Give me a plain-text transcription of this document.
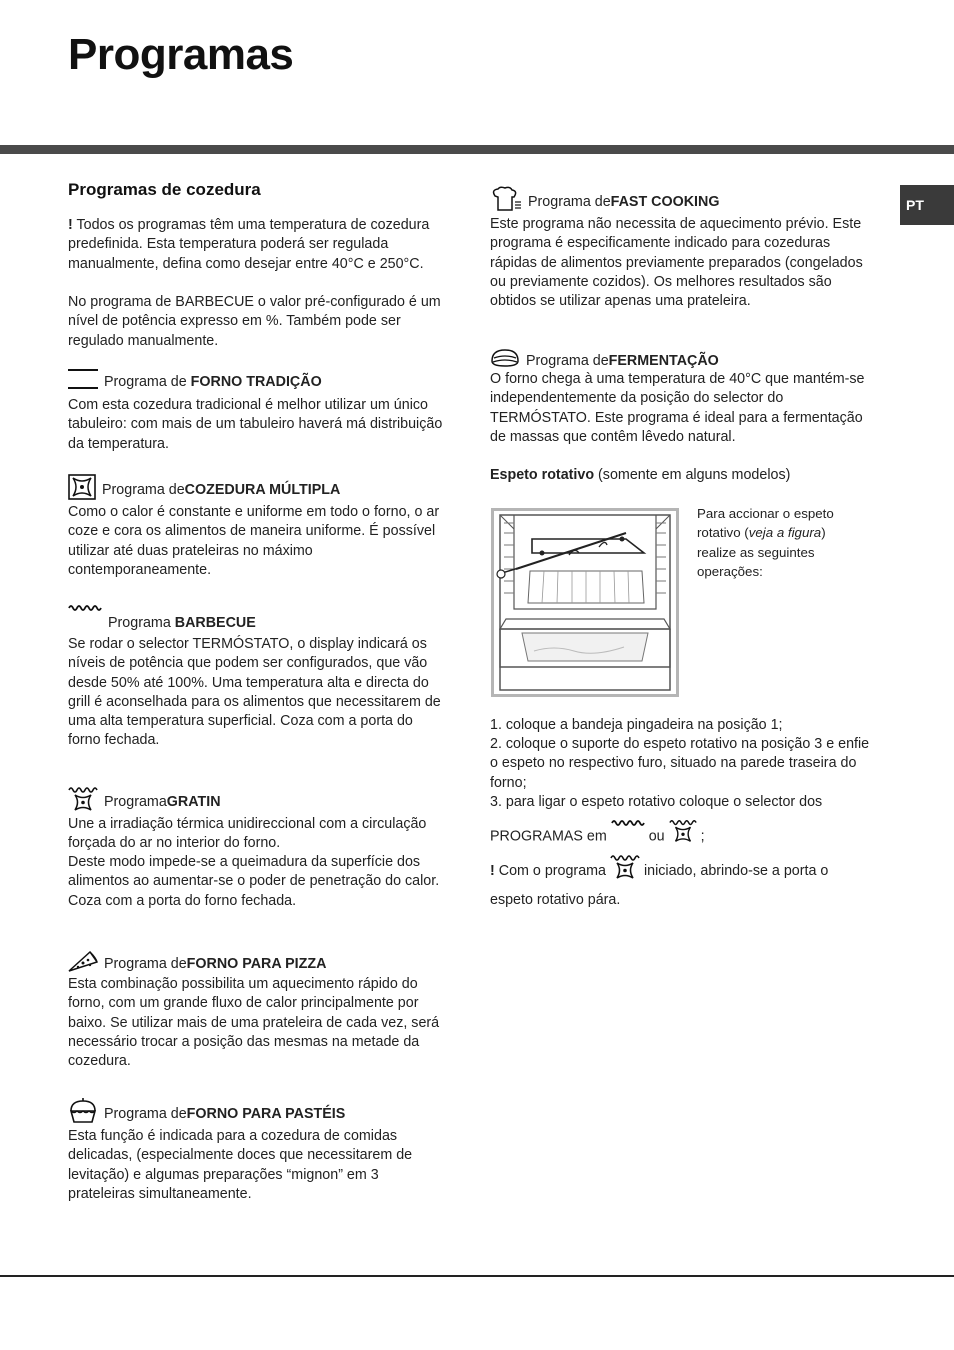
Programas
PT
Programas de cozedura

! Todos os programas têm uma temperatura de cozedura predefinida. Esta temperatura poderá ser regulada manualmente, defina como desejar entre 40°C e 250°C.

No programa de BARBECUE o valor pré-configurado é um nível de potência expresso em %. Também pode ser regulado manualmente.

Programa de
FORNO TRADIÇÃO

Com esta cozedura tradicional é melhor utilizar um único tabuleiro: com mais de um tabuleiro haverá má distribuição da temperatura.

Programa de COZEDURA MÚLTIPLA

Como o calor é constante e uniforme em todo o forno, o ar coze e cora os alimentos de maneira uniforme. É possível utilizar até duas prateleiras no máximo contemporaneamente.

Programa BARBECUE

Se rodar o selector TERMÓSTATO, o display indicará os níveis de potência que podem ser configurados, que vão desde 50% até 100%. Uma temperatura alta e directa do grill é aconselhada para os alimentos que necessitarem de uma alta temperatura superficial. Coza com a porta do forno fechada.

Programa GRATIN

Une a irradiação térmica unidireccional com a circulação forçada do ar no interior do forno.

Deste modo impede-se a queimadura da superfície dos alimentos ao aumentar-se o poder de penetração do calor. Coza com a porta do forno fechada.

Programa de FORNO PARA PIZZA

Esta combinação possibilita um aquecimento rápido do forno, com um grande fluxo de calor principalmente por baixo. Se utilizar mais de uma prateleira de cada vez, será necessário trocar a posição das mesmas na metade da cozedura.

Programa de FORNO PARA PASTÉIS

Esta função é indicada para a cozedura de comidas delicadas, (especialmente doces que necessitarem de levitação) e algumas preparações “mignon” em 3 prateleiras simultaneamente.

Programa de FAST COOKING

Este programa não necessita de aquecimento prévio. Este programa é especificamente indicado para cozeduras rápidas de alimentos previamente preparados (congelados ou previamente cozidos). Os melhores resultados são obtidos se utilizar apenas uma prateleira.

Programa de FERMENTAÇÃO

O forno chega à uma temperatura de 40°C que mantém-se independentemente da posição do selector do TERMÓSTATO. Este programa é ideal para a fermentação de massas que contêm lêvedo natural.

Espeto rotativo (somente em alguns modelos)

Para accionar o espeto rotativo (veja a figura) realize as seguintes operações:

1. coloque a bandeja pingadeira na posição 1;

2. coloque o suporte do espeto rotativo na posição 3 e enfie o espeto no respectivo furo, situado na parede traseira do forno;

3. para ligar o espeto rotativo coloque o selector dos

PROGRAMAS em	ou  ;
! Com o programa  iniciado, abrindo-se a porta o espeto rotativo pára.
